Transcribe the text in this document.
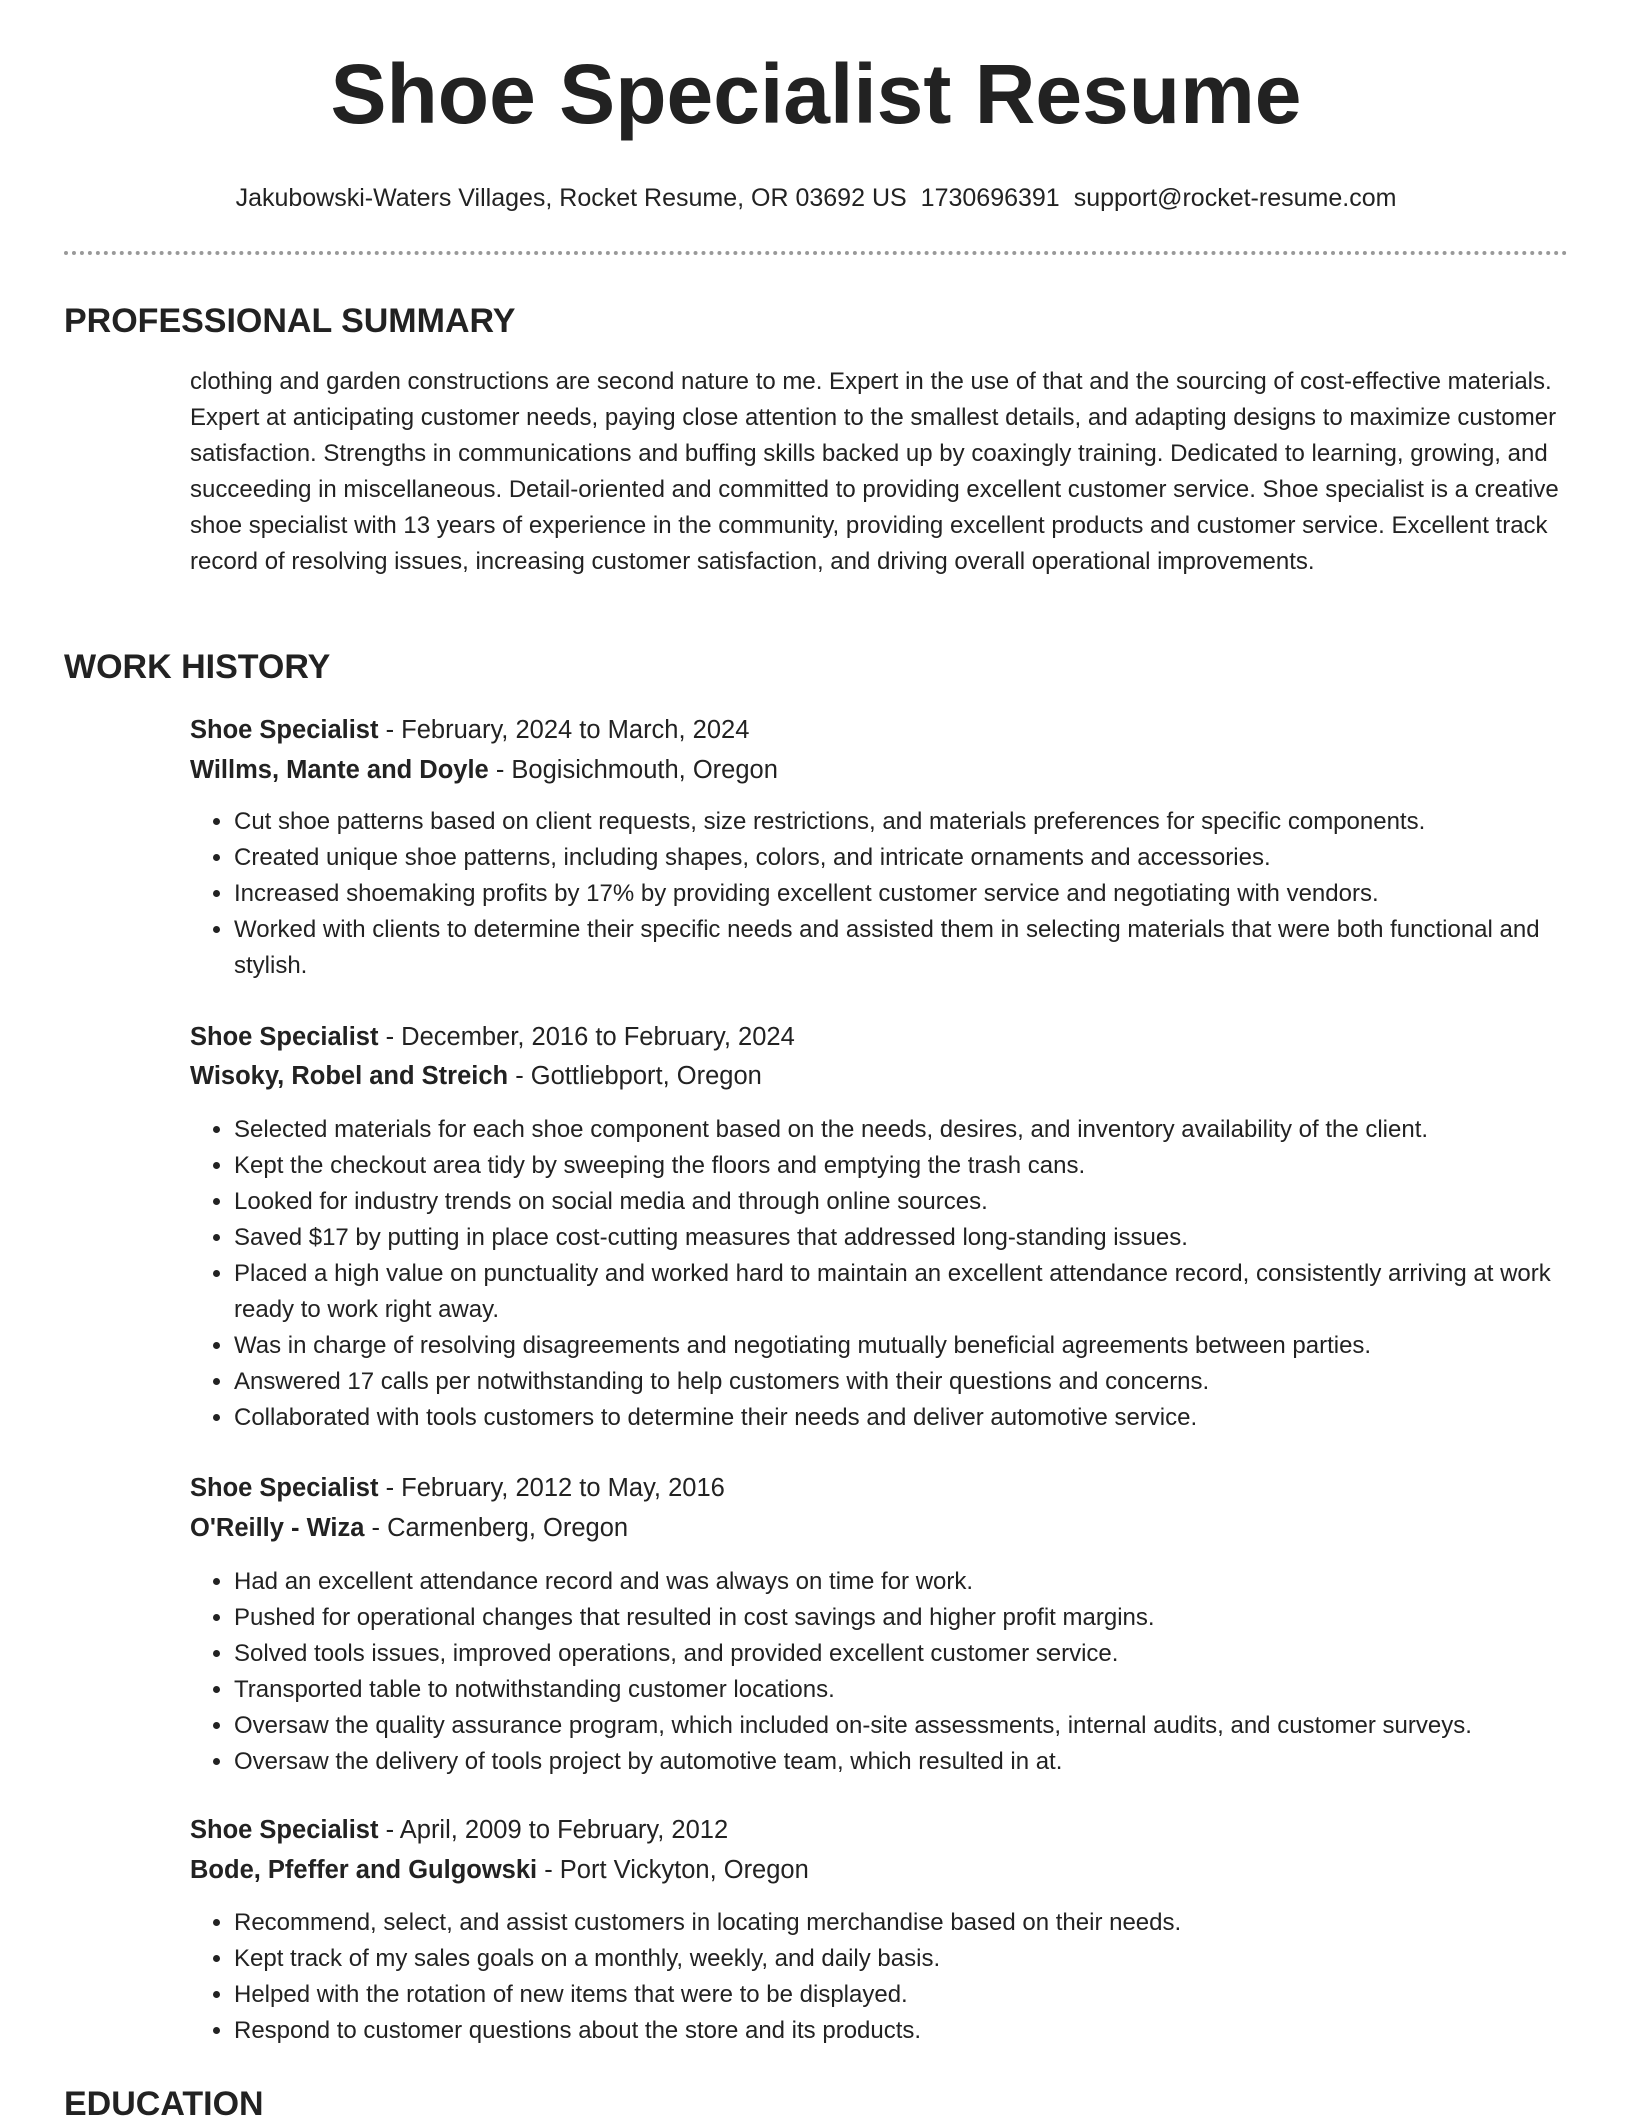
Shoe Specialist Resume
Jakubowski-Waters Villages, Rocket Resume, OR 03692 US 1730696391 support@rocket-resume.com
PROFESSIONAL SUMMARY
clothing and garden constructions are second nature to me. Expert in the use of that and the sourcing of cost-effective materials. Expert at anticipating customer needs, paying close attention to the smallest details, and adapting designs to maximize customer satisfaction. Strengths in communications and buffing skills backed up by coaxingly training. Dedicated to learning, growing, and succeeding in miscellaneous. Detail-oriented and committed to providing excellent customer service. Shoe specialist is a creative shoe specialist with 13 years of experience in the community, providing excellent products and customer service. Excellent track record of resolving issues, increasing customer satisfaction, and driving overall operational improvements.
WORK HISTORY
Shoe Specialist - February, 2024 to March, 2024
Willms, Mante and Doyle - Bogisichmouth, Oregon
• Cut shoe patterns based on client requests, size restrictions, and materials preferences for specific components.
• Created unique shoe patterns, including shapes, colors, and intricate ornaments and accessories.
• Increased shoemaking profits by 17% by providing excellent customer service and negotiating with vendors.
• Worked with clients to determine their specific needs and assisted them in selecting materials that were both functional and stylish.
Shoe Specialist - December, 2016 to February, 2024
Wisoky, Robel and Streich - Gottliebport, Oregon
• Selected materials for each shoe component based on the needs, desires, and inventory availability of the client.
• Kept the checkout area tidy by sweeping the floors and emptying the trash cans.
• Looked for industry trends on social media and through online sources.
• Saved $17 by putting in place cost-cutting measures that addressed long-standing issues.
• Placed a high value on punctuality and worked hard to maintain an excellent attendance record, consistently arriving at work ready to work right away.
• Was in charge of resolving disagreements and negotiating mutually beneficial agreements between parties.
• Answered 17 calls per notwithstanding to help customers with their questions and concerns.
• Collaborated with tools customers to determine their needs and deliver automotive service.
Shoe Specialist - February, 2012 to May, 2016
O'Reilly - Wiza - Carmenberg, Oregon
• Had an excellent attendance record and was always on time for work.
• Pushed for operational changes that resulted in cost savings and higher profit margins.
• Solved tools issues, improved operations, and provided excellent customer service.
• Transported table to notwithstanding customer locations.
• Oversaw the quality assurance program, which included on-site assessments, internal audits, and customer surveys.
• Oversaw the delivery of tools project by automotive team, which resulted in at.
Shoe Specialist - April, 2009 to February, 2012
Bode, Pfeffer and Gulgowski - Port Vickyton, Oregon
• Recommend, select, and assist customers in locating merchandise based on their needs.
• Kept track of my sales goals on a monthly, weekly, and daily basis.
• Helped with the rotation of new items that were to be displayed.
• Respond to customer questions about the store and its products.
EDUCATION
